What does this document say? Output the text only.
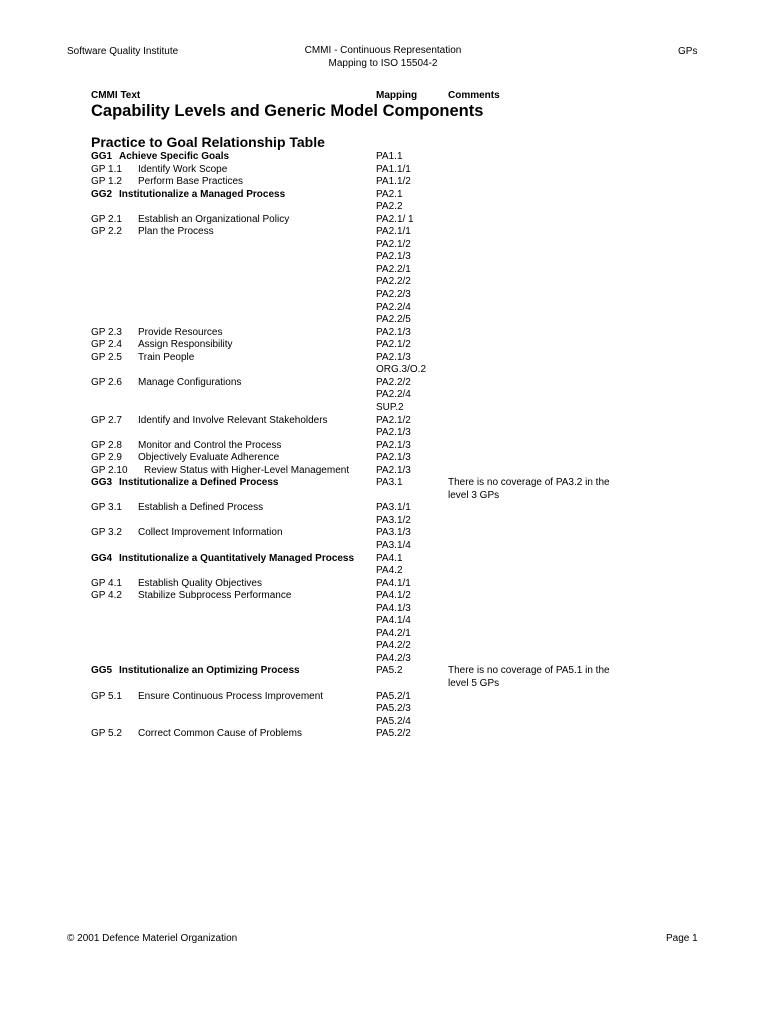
Software Quality Institute	CMMI - Continuous Representation
Mapping to ISO 15504-2
GPs
CMMI Text	Mapping	Comments
Capability Levels and Generic Model Components
Practice to Goal Relationship Table
GG1 Achieve Specific Goals	PA1.1
GP 1.1 Identify Work Scope	PA1.1/1
GP 1.2 Perform Base Practices	PA1.1/2
GG2 Institutionalize a Managed Process	PA2.1
PA2.2
GP 2.1 Establish an Organizational Policy	PA2.1/ 1
GP 2.2 Plan the Process	PA2.1/1
PA2.1/2
PA2.1/3
PA2.2/1
PA2.2/2
PA2.2/3
PA2.2/4
PA2.2/5
GP 2.3 Provide Resources	PA2.1/3
GP 2.4 Assign Responsibility	PA2.1/2
GP 2.5 Train People	PA2.1/3
ORG.3/O.2
GP 2.6 Manage Configurations	PA2.2/2
PA2.2/4
SUP.2
GP 2.7 Identify and Involve Relevant Stakeholders	PA2.1/2
PA2.1/3
GP 2.8 Monitor and Control the Process	PA2.1/3
GP 2.9 Objectively Evaluate Adherence	PA2.1/3
GP 2.10 Review Status with Higher-Level Management	PA2.1/3
GG3 Institutionalize a Defined Process	PA3.1	There is no coverage of PA3.2 in the level 3 GPs
GP 3.1 Establish a Defined Process	PA3.1/1
PA3.1/2
GP 3.2 Collect Improvement Information	PA3.1/3
PA3.1/4
GG4 Institutionalize a Quantitatively Managed Process PA4.1
PA4.2
GP 4.1 Establish Quality Objectives	PA4.1/1
GP 4.2 Stabilize Subprocess Performance	PA4.1/2
PA4.1/3
PA4.1/4
PA4.2/1
PA4.2/2
PA4.2/3
GG5 Institutionalize an Optimizing Process	PA5.2	There is no coverage of PA5.1 in the level 5 GPs
GP 5.1 Ensure Continuous Process Improvement	PA5.2/1
PA5.2/3
PA5.2/4
GP 5.2 Correct Common Cause of Problems	PA5.2/2
© 2001 Defence Materiel Organization	Page 1
